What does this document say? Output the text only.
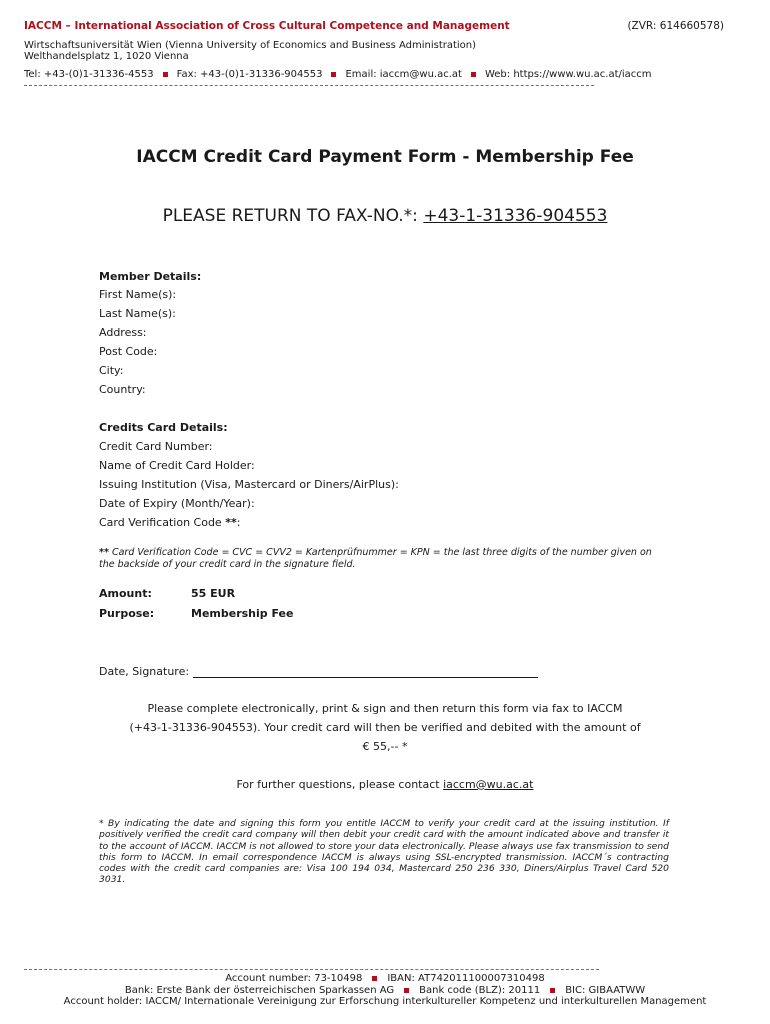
IACCM – International Association of Cross Cultural Competence and Management	(ZVR: 614660578)
Wirtschaftsuniversität Wien (Vienna University of Economics and Business Administration)
Welthandelsplatz 1, 1020 Vienna
Tel: +43-(0)1-31336-4553 Fax: +43-(0)1-31336-904553 Email: iaccm@wu.ac.at Web: https://www.wu.ac.at/iaccm
IACCM Credit Card Payment Form - Membership Fee
PLEASE RETURN TO FAX-NO.*: +43-1-31336-904553
Member Details:
First Name(s):
Last Name(s):
Address:
Post Code:
City:
Country:
Credits Card Details:
Credit Card Number:
Name of Credit Card Holder:
Issuing Institution (Visa, Mastercard or Diners/AirPlus):
Date of Expiry (Month/Year):
Card Verification Code **:
** Card Verification Code = CVC = CVV2 = Kartenprüfnummer = KPN = the last three digits of the number given on the backside of your credit card in the signature field.
Amount:	55 EUR
Purpose:	Membership Fee
Date, Signature:
Please complete electronically, print & sign and then return this form via fax to IACCM
(+43-1-31336-904553). Your credit card will then be verified and debited with the amount of
€ 55,-- *
For further questions, please contact iaccm@wu.ac.at
* By indicating the date and signing this form you entitle IACCM to verify your credit card at the issuing institution. If positively verified the credit card company will then debit your credit card with the amount indicated above and transfer it to the account of IACCM. IACCM is not allowed to store your data electronically. Please always use fax transmission to send this form to IACCM. In email correspondence IACCM is always using SSL-encrypted transmission. IACCM´s contracting codes with the credit card companies are: Visa 100 194 034, Mastercard 250 236 330, Diners/Airplus Travel Card 520 3031.
Account number: 73-10498	IBAN: AT742011100007310498
Bank: Erste Bank der österreichischen Sparkassen AG	Bank code (BLZ): 20111	BIC: GIBAATWW
Account holder: IACCM/ Internationale Vereinigung zur Erforschung interkultureller Kompetenz und interkulturellen Management
